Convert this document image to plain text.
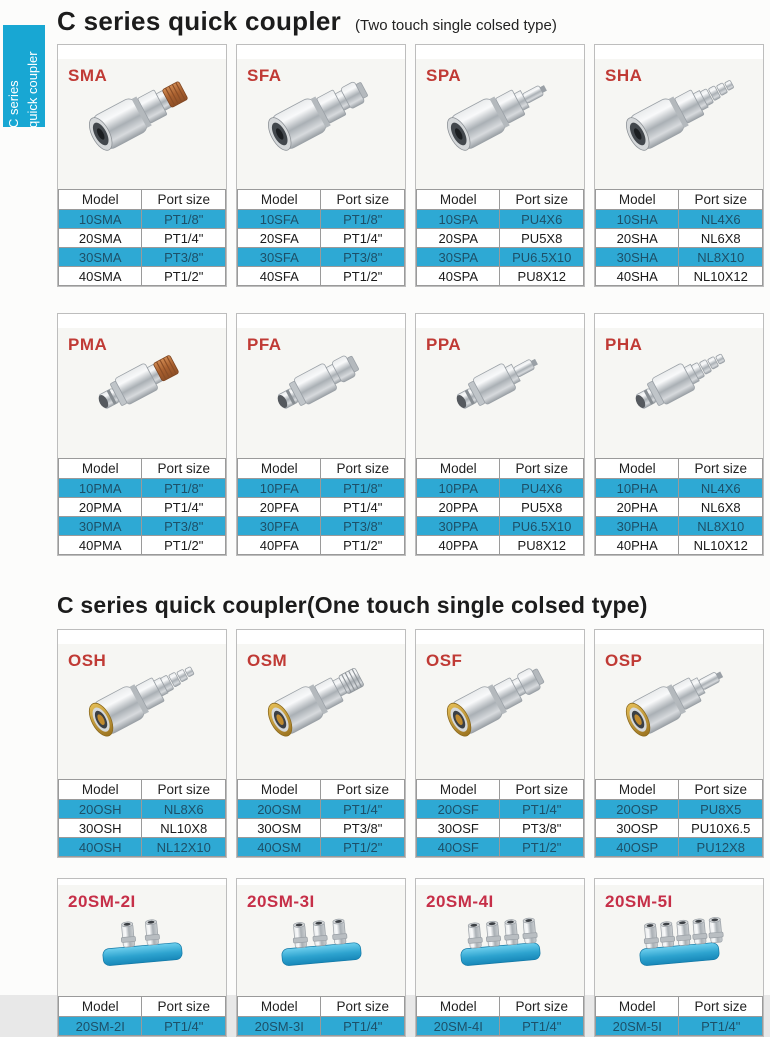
C series quick coupler
C series quick coupler (Two touch single colsed type)
SMA
Model	Port size
10SMA	PT1/8"
20SMA	PT1/4"
30SMA	PT3/8"
40SMA	PT1/2"
SFA
Model	Port size
10SFA	PT1/8"
20SFA	PT1/4"
30SFA	PT3/8"
40SFA	PT1/2"
SPA
Model	Port size
10SPA	PU4X6
20SPA	PU5X8
30SPA	PU6.5X10
40SPA	PU8X12
SHA
Model	Port size
10SHA	NL4X6
20SHA	NL6X8
30SHA	NL8X10
40SHA	NL10X12
PMA
Model	Port size
10PMA	PT1/8"
20PMA	PT1/4"
30PMA	PT3/8"
40PMA	PT1/2"
PFA
Model	Port size
10PFA	PT1/8"
20PFA	PT1/4"
30PFA	PT3/8"
40PFA	PT1/2"
PPA
Model	Port size
10PPA	PU4X6
20PPA	PU5X8
30PPA	PU6.5X10
40PPA	PU8X12
PHA
Model	Port size
10PHA	NL4X6
20PHA	NL6X8
30PHA	NL8X10
40PHA	NL10X12
C series quick coupler(One touch single colsed type)
OSH
Model	Port size
20OSH	NL8X6
30OSH	NL10X8
40OSH	NL12X10
OSM
Model	Port size
20OSM	PT1/4"
30OSM	PT3/8"
40OSM	PT1/2"
OSF
Model	Port size
20OSF	PT1/4"
30OSF	PT3/8"
40OSF	PT1/2"
OSP
Model	Port size
20OSP	PU8X5
30OSP	PU10X6.5
40OSP	PU12X8
20SM-2I
Model	Port size
20SM-2I	PT1/4"
20SM-3I
Model	Port size
20SM-3I	PT1/4"
20SM-4I
Model	Port size
20SM-4I	PT1/4"
20SM-5I
Model	Port size
20SM-5I	PT1/4"
